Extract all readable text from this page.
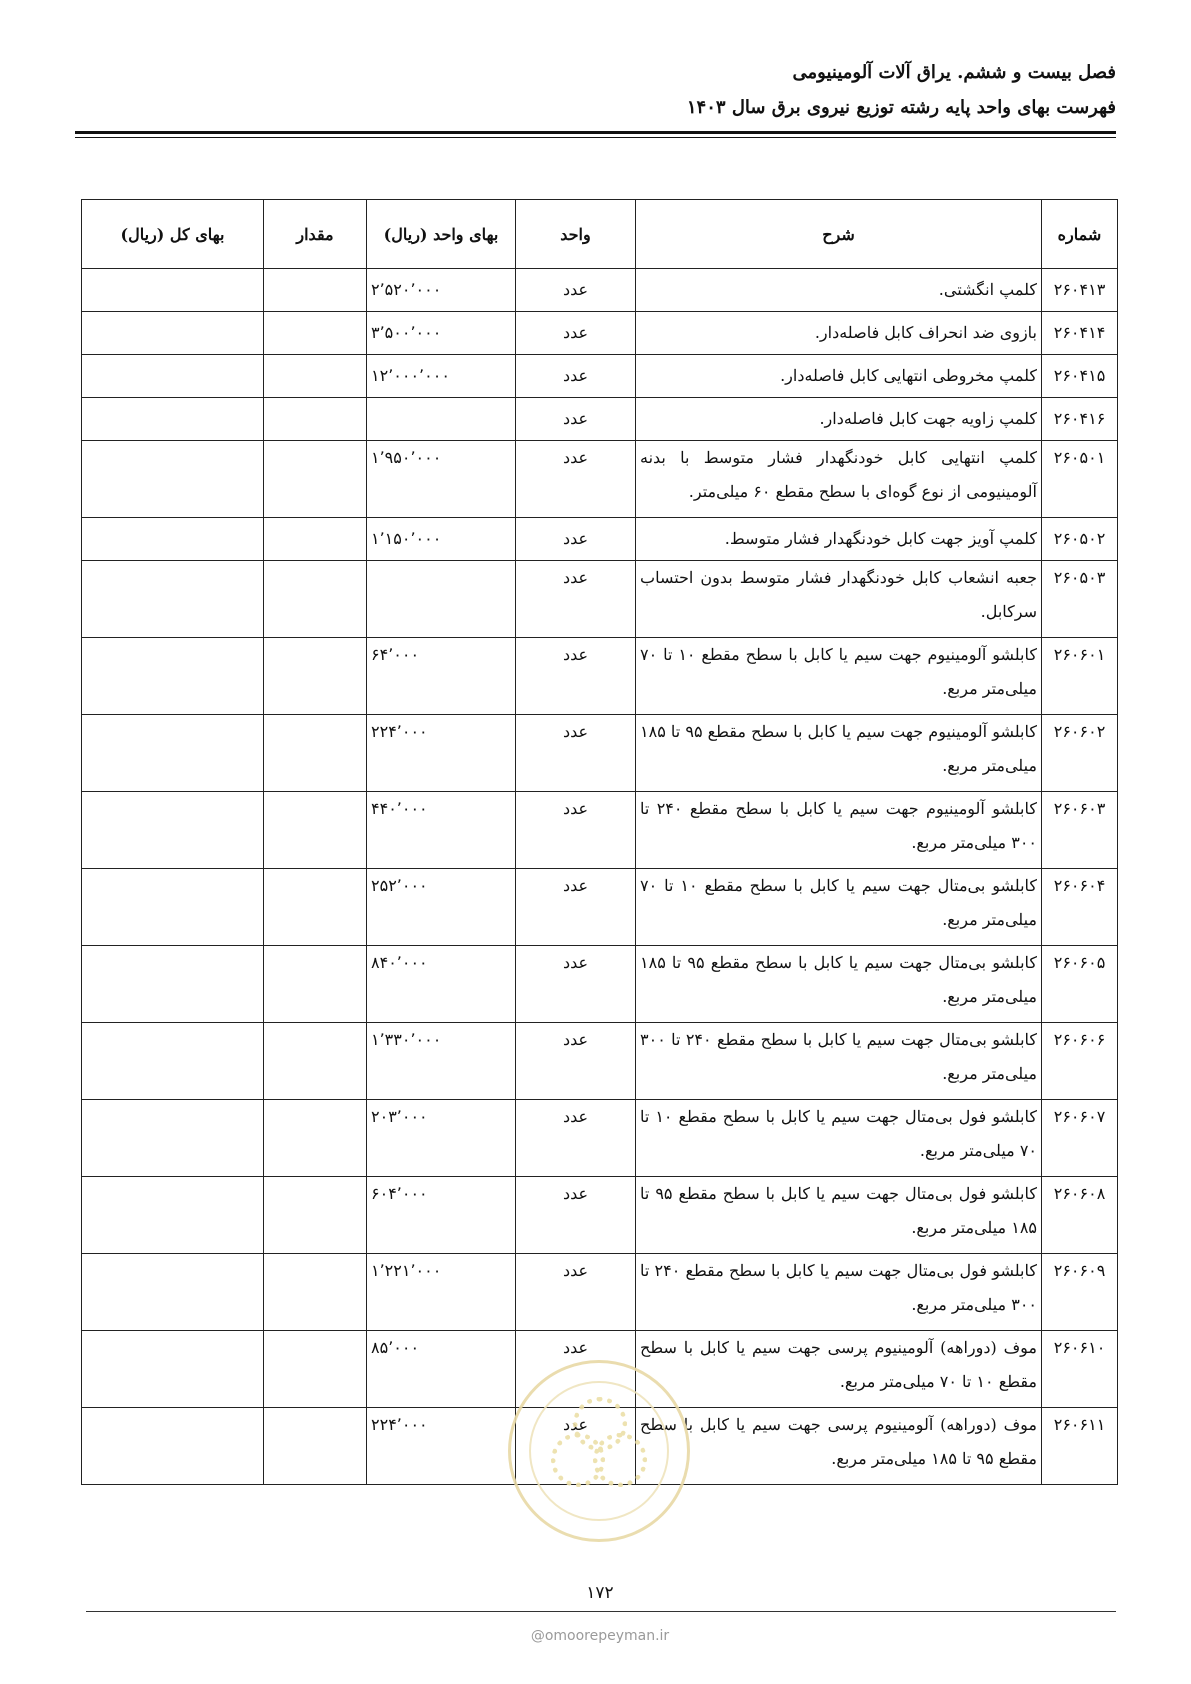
فصل بیست و ششم. یراق آلات آلومینیومی
فهرست بهای واحد پایه رشته توزیع نیروی برق سال ۱۴۰۳
شماره	شرح	واحد	بهای واحد (ریال)	مقدار	بهای کل (ریال)
۲۶۰۴۱۳	کلمپ انگشتی.	عدد	۲٬۵۲۰٬۰۰۰		
۲۶۰۴۱۴	بازوی ضد انحراف کابل فاصله‌دار.	عدد	۳٬۵۰۰٬۰۰۰		
۲۶۰۴۱۵	کلمپ مخروطی انتهایی کابل فاصله‌دار.	عدد	۱۲٬۰۰۰٬۰۰۰		
۲۶۰۴۱۶	کلمپ زاویه جهت کابل فاصله‌دار.	عدد			
۲۶۰۵۰۱	کلمپ انتهایی کابل خودنگهدار فشار متوسط با بدنه آلومینیومی از نوع گوه‌ای با سطح مقطع ۶۰ میلی‌متر.	عدد	۱٬۹۵۰٬۰۰۰		
۲۶۰۵۰۲	کلمپ آویز جهت کابل خودنگهدار فشار متوسط.	عدد	۱٬۱۵۰٬۰۰۰		
۲۶۰۵۰۳	جعبه انشعاب کابل خودنگهدار فشار متوسط بدون احتساب سرکابل.	عدد			
۲۶۰۶۰۱	کابلشو آلومینیوم جهت سیم یا کابل با سطح مقطع ۱۰ تا ۷۰ میلی‌متر مربع.	عدد	۶۴٬۰۰۰		
۲۶۰۶۰۲	کابلشو آلومینیوم جهت سیم یا کابل با سطح مقطع ۹۵ تا ۱۸۵ میلی‌متر مربع.	عدد	۲۲۴٬۰۰۰		
۲۶۰۶۰۳	کابلشو آلومینیوم جهت سیم یا کابل با سطح مقطع ۲۴۰ تا ۳۰۰ میلی‌متر مربع.	عدد	۴۴۰٬۰۰۰		
۲۶۰۶۰۴	کابلشو بی‌متال جهت سیم یا کابل با سطح مقطع ۱۰ تا ۷۰ میلی‌متر مربع.	عدد	۲۵۲٬۰۰۰		
۲۶۰۶۰۵	کابلشو بی‌متال جهت سیم یا کابل با سطح مقطع ۹۵ تا ۱۸۵ میلی‌متر مربع.	عدد	۸۴۰٬۰۰۰		
۲۶۰۶۰۶	کابلشو بی‌متال جهت سیم یا کابل با سطح مقطع ۲۴۰ تا ۳۰۰ میلی‌متر مربع.	عدد	۱٬۳۳۰٬۰۰۰		
۲۶۰۶۰۷	کابلشو فول بی‌متال جهت سیم یا کابل با سطح مقطع ۱۰ تا ۷۰ میلی‌متر مربع.	عدد	۲۰۳٬۰۰۰		
۲۶۰۶۰۸	کابلشو فول بی‌متال جهت سیم یا کابل با سطح مقطع ۹۵ تا ۱۸۵ میلی‌متر مربع.	عدد	۶۰۴٬۰۰۰		
۲۶۰۶۰۹	کابلشو فول بی‌متال جهت سیم یا کابل با سطح مقطع ۲۴۰ تا ۳۰۰ میلی‌متر مربع.	عدد	۱٬۲۲۱٬۰۰۰		
۲۶۰۶۱۰	موف (دوراهه) آلومینیوم پرسی جهت سیم یا کابل با سطح مقطع ۱۰ تا ۷۰ میلی‌متر مربع.	عدد	۸۵٬۰۰۰		
۲۶۰۶۱۱	موف (دوراهه) آلومینیوم پرسی جهت سیم یا کابل با سطح مقطع ۹۵ تا ۱۸۵ میلی‌متر مربع.	عدد	۲۲۴٬۰۰۰		
۱۷۲
@omoorepeyman.ir
